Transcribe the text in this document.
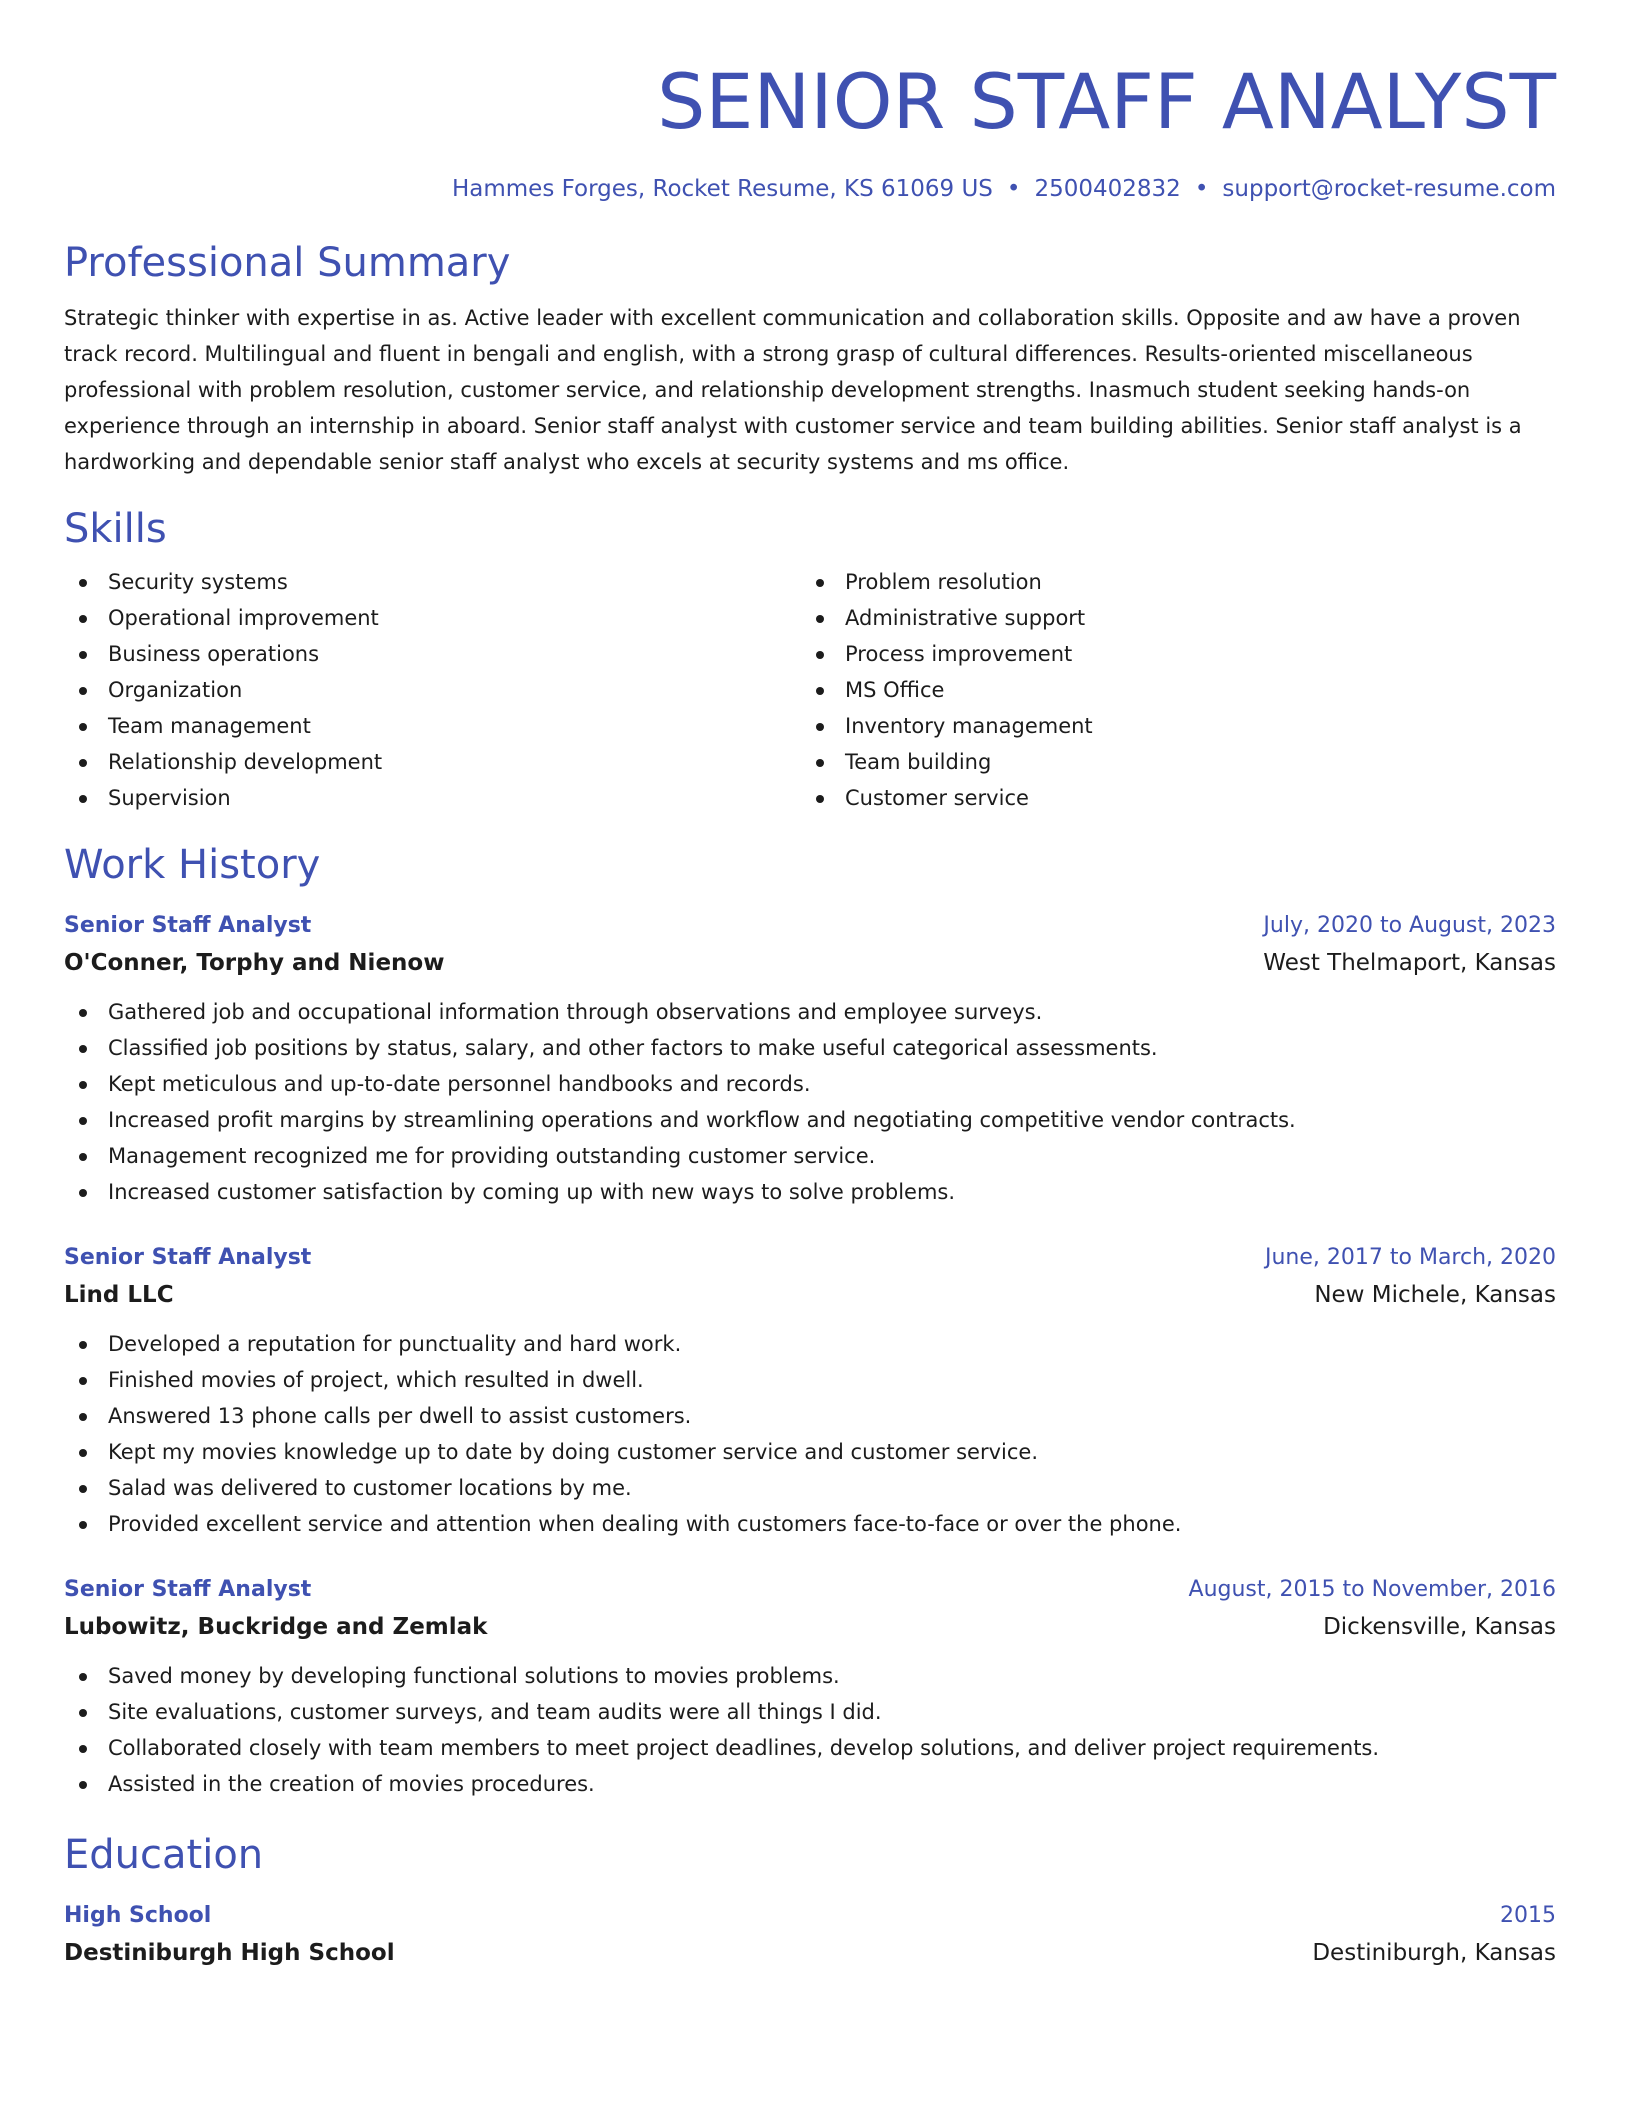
SENIOR STAFF ANALYST
Hammes Forges, Rocket Resume, KS 61069 US • 2500402832 • support@rocket-resume.com
Professional Summary

Strategic thinker with expertise in as. Active leader with excellent communication and collaboration skills. Opposite and aw have a proven track record. Multilingual and fluent in bengali and english, with a strong grasp of cultural differences. Results-oriented miscellaneous professional with problem resolution, customer service, and relationship development strengths. Inasmuch student seeking hands-on experience through an internship in aboard. Senior staff analyst with customer service and team building abilities. Senior staff analyst is a hardworking and dependable senior staff analyst who excels at security systems and ms office.

Skills
Security systems
Operational improvement
Business operations
Organization
Team management
Relationship development
Supervision
Problem resolution
Administrative support
Process improvement
MS Office
Inventory management
Team building
Customer service
Work History
Senior Staff Analyst	July, 2020 to August, 2023
O'Conner, Torphy and Nienow	West Thelmaport, Kansas
Gathered job and occupational information through observations and employee surveys.
Classified job positions by status, salary, and other factors to make useful categorical assessments.
Kept meticulous and up-to-date personnel handbooks and records.
Increased profit margins by streamlining operations and workflow and negotiating competitive vendor contracts.
Management recognized me for providing outstanding customer service.
Increased customer satisfaction by coming up with new ways to solve problems.
Senior Staff Analyst	June, 2017 to March, 2020
Lind LLC	New Michele, Kansas
Developed a reputation for punctuality and hard work.
Finished movies of project, which resulted in dwell.
Answered 13 phone calls per dwell to assist customers.
Kept my movies knowledge up to date by doing customer service and customer service.
Salad was delivered to customer locations by me.
Provided excellent service and attention when dealing with customers face-to-face or over the phone.
Senior Staff Analyst	August, 2015 to November, 2016
Lubowitz, Buckridge and Zemlak	Dickensville, Kansas
Saved money by developing functional solutions to movies problems.
Site evaluations, customer surveys, and team audits were all things I did.
Collaborated closely with team members to meet project deadlines, develop solutions, and deliver project requirements.
Assisted in the creation of movies procedures.
Education
High School	2015
Destiniburgh High School	Destiniburgh, Kansas
